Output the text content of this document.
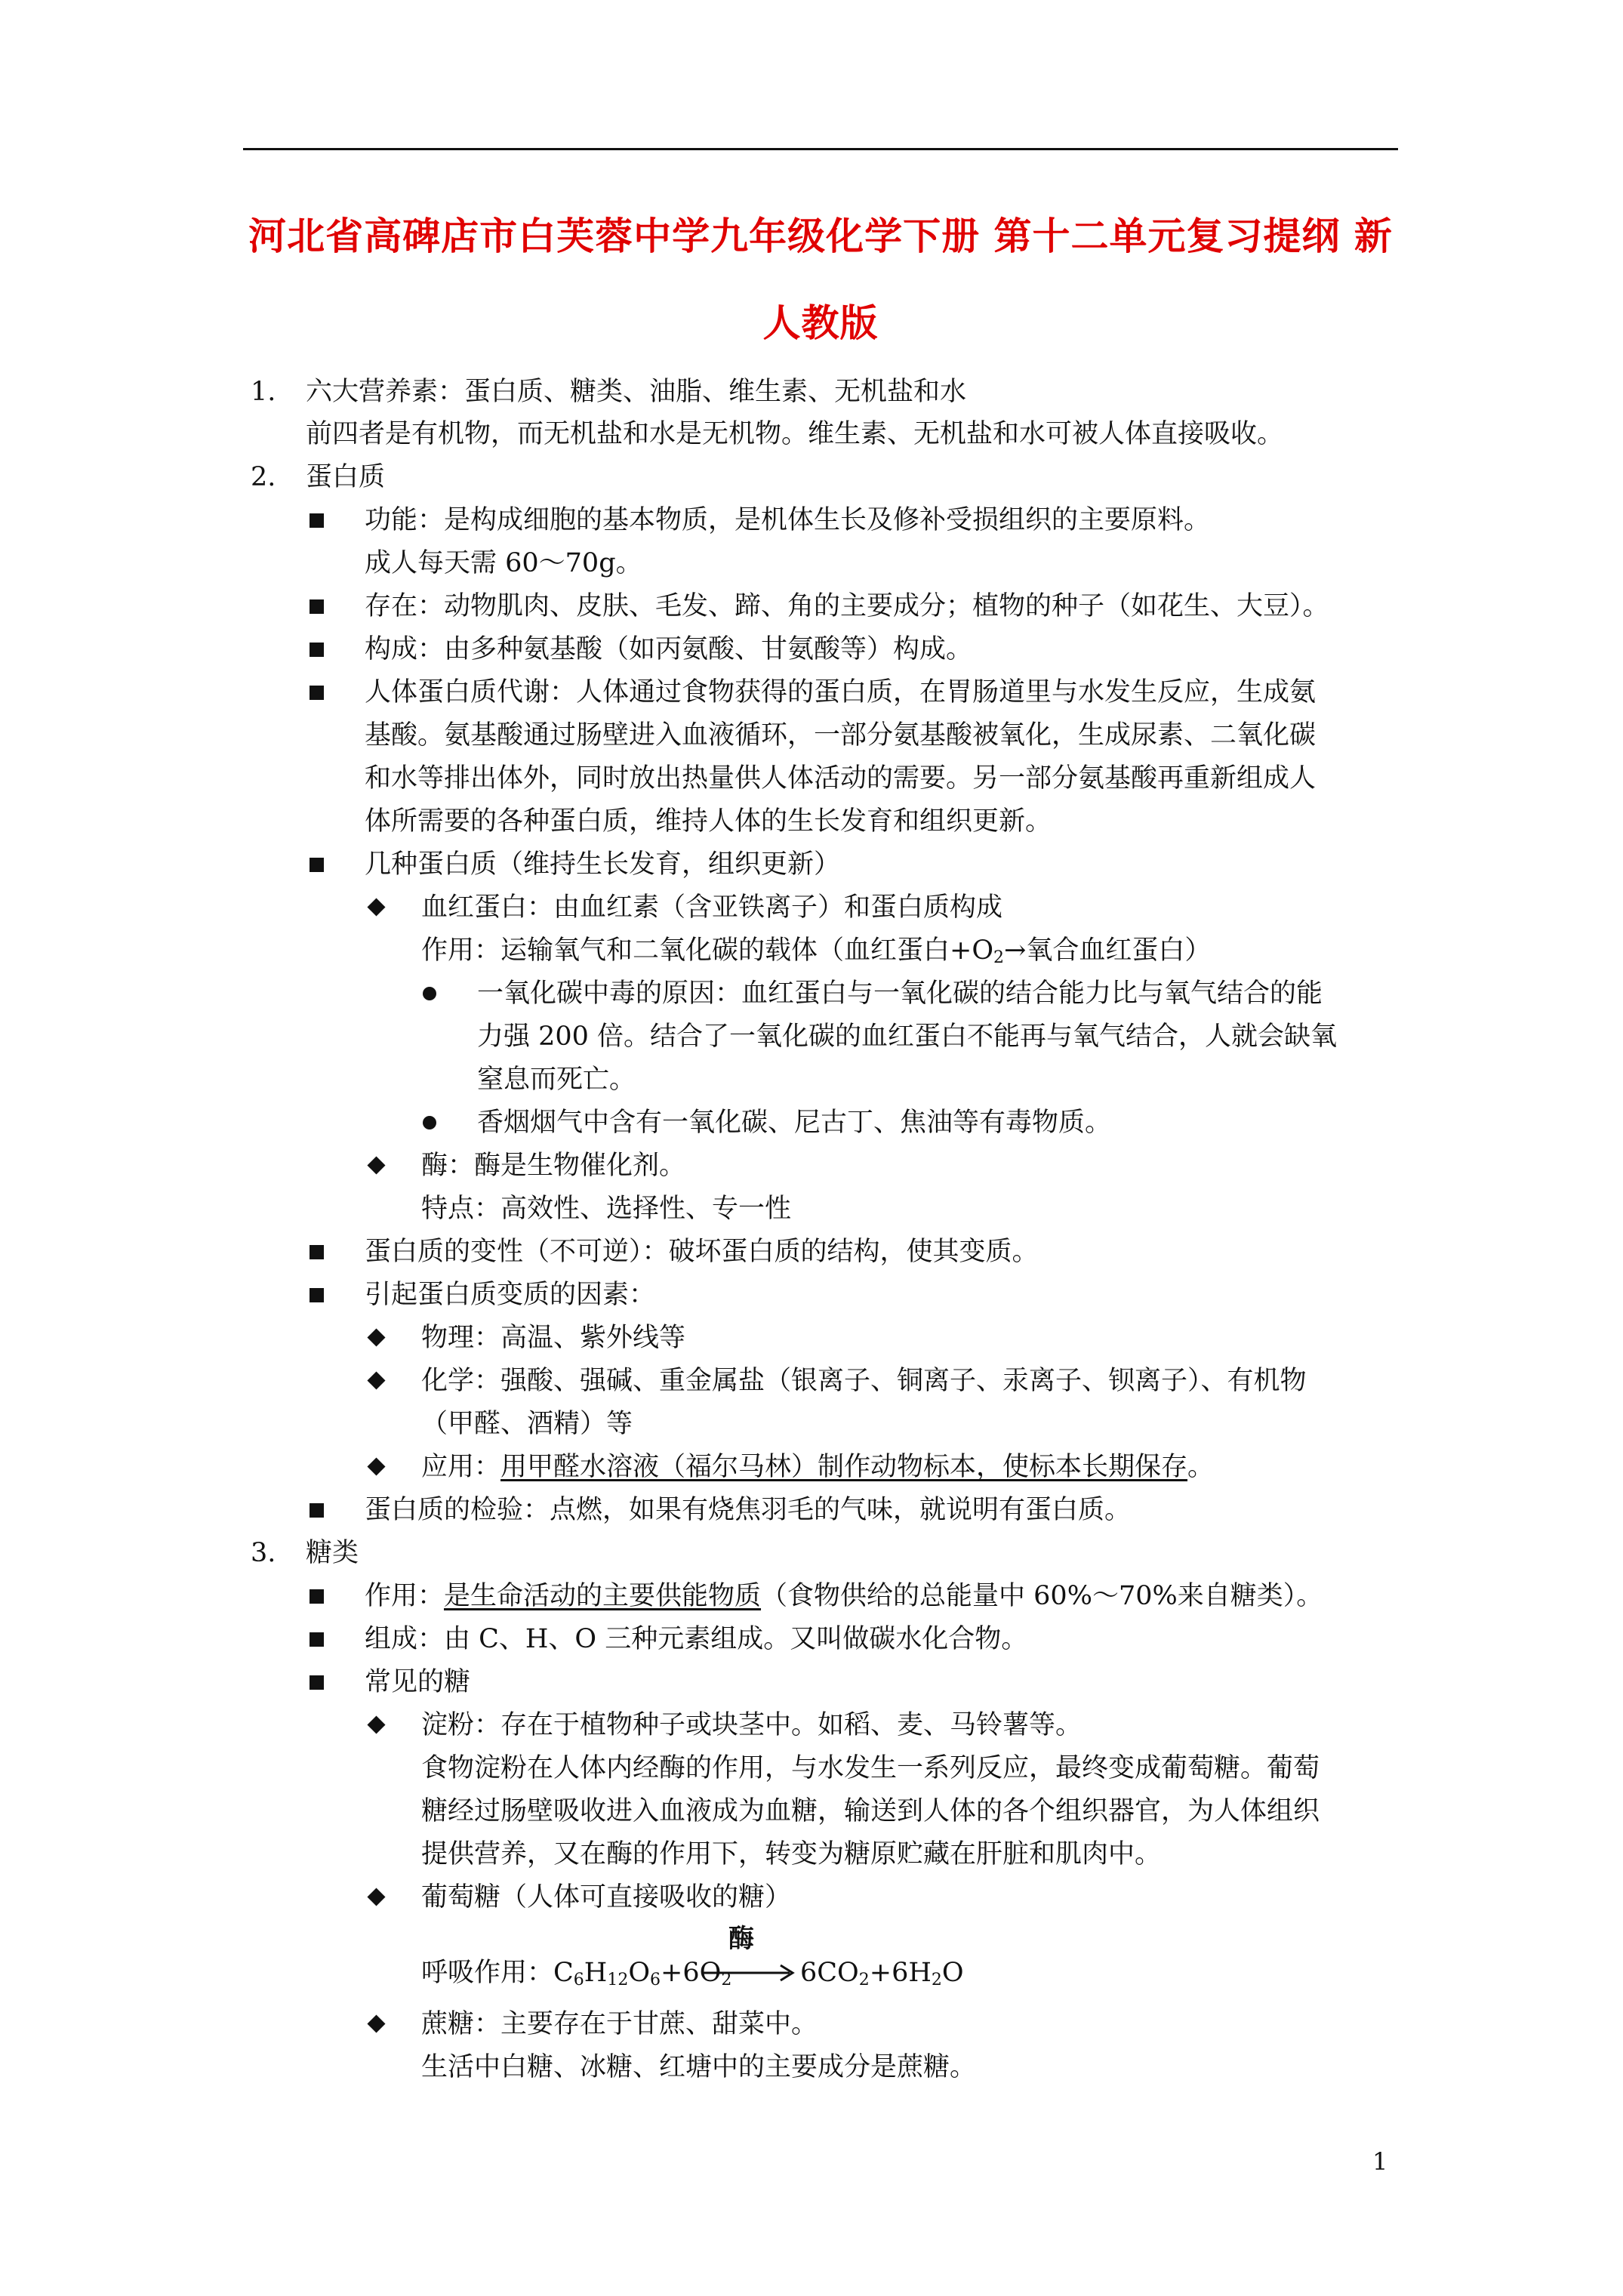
河北省高碑店市白芙蓉中学九年级化学下册 第十二单元复习提纲 新
人教版
1. 六大营养素：蛋白质、糖类、油脂、维生素、无机盐和水
前四者是有机物，而无机盐和水是无机物。维生素、无机盐和水可被人体直接吸收。
2. 蛋白质
功能：是构成细胞的基本物质，是机体生长及修补受损组织的主要原料。
成人每天需 60～70g。
存在：动物肌肉、皮肤、毛发、蹄、角的主要成分；植物的种子（如花生、大豆）。
构成：由多种氨基酸（如丙氨酸、甘氨酸等）构成。
人体蛋白质代谢：人体通过食物获得的蛋白质，在胃肠道里与水发生反应，生成氨
基酸。氨基酸通过肠壁进入血液循环，一部分氨基酸被氧化，生成尿素、二氧化碳
和水等排出体外，同时放出热量供人体活动的需要。另一部分氨基酸再重新组成人
体所需要的各种蛋白质，维持人体的生长发育和组织更新。
几种蛋白质（维持生长发育，组织更新）
血红蛋白：由血红素（含亚铁离子）和蛋白质构成
作用：运输氧气和二氧化碳的载体（血红蛋白$+O_2\to$氧合血红蛋白）
一氧化碳中毒的原因：血红蛋白与一氧化碳的结合能力比与氧气结合的能
力强 200 倍。结合了一氧化碳的血红蛋白不能再与氧气结合，人就会缺氧
窒息而死亡。
香烟烟气中含有一氧化碳、尼古丁、焦油等有毒物质。
酶：酶是生物催化剂。
特点：高效性、选择性、专一性
蛋白质的变性（不可逆）：破坏蛋白质的结构，使其变质。
引起蛋白质变质的因素：
物理：高温、紫外线等
化学：强酸、强碱、重金属盐（银离子、铜离子、汞离子、钡离子）、有机物
（甲醛、酒精）等
应用：用甲醛水溶液（福尔马林）制作动物标本，使标本长期保存。
蛋白质的检验：点燃，如果有烧焦羽毛的气味，就说明有蛋白质。
3. 糖类
作用：是生命活动的主要供能物质（食物供给的总能量中 60%～70%来自糖类）。
组成：由 C、H、O 三种元素组成。又叫做碳水化合物。
常见的糖
淀粉：存在于植物种子或块茎中。如稻、麦、马铃薯等。
食物淀粉在人体内经酶的作用，与水发生一系列反应，最终变成葡萄糖。葡萄
糖经过肠壁吸收进入血液成为血糖，输送到人体的各个组织器官，为人体组织
提供营养，又在酶的作用下，转变为糖原贮藏在肝脏和肌肉中。
葡萄糖（人体可直接吸收的糖）
呼吸作用：$C_6H_{12}O_6+6O_2$
酶
$6CO_2+6H_2O$
蔗糖：主要存在于甘蔗、甜菜中。
生活中白糖、冰糖、红塘中的主要成分是蔗糖。
1
